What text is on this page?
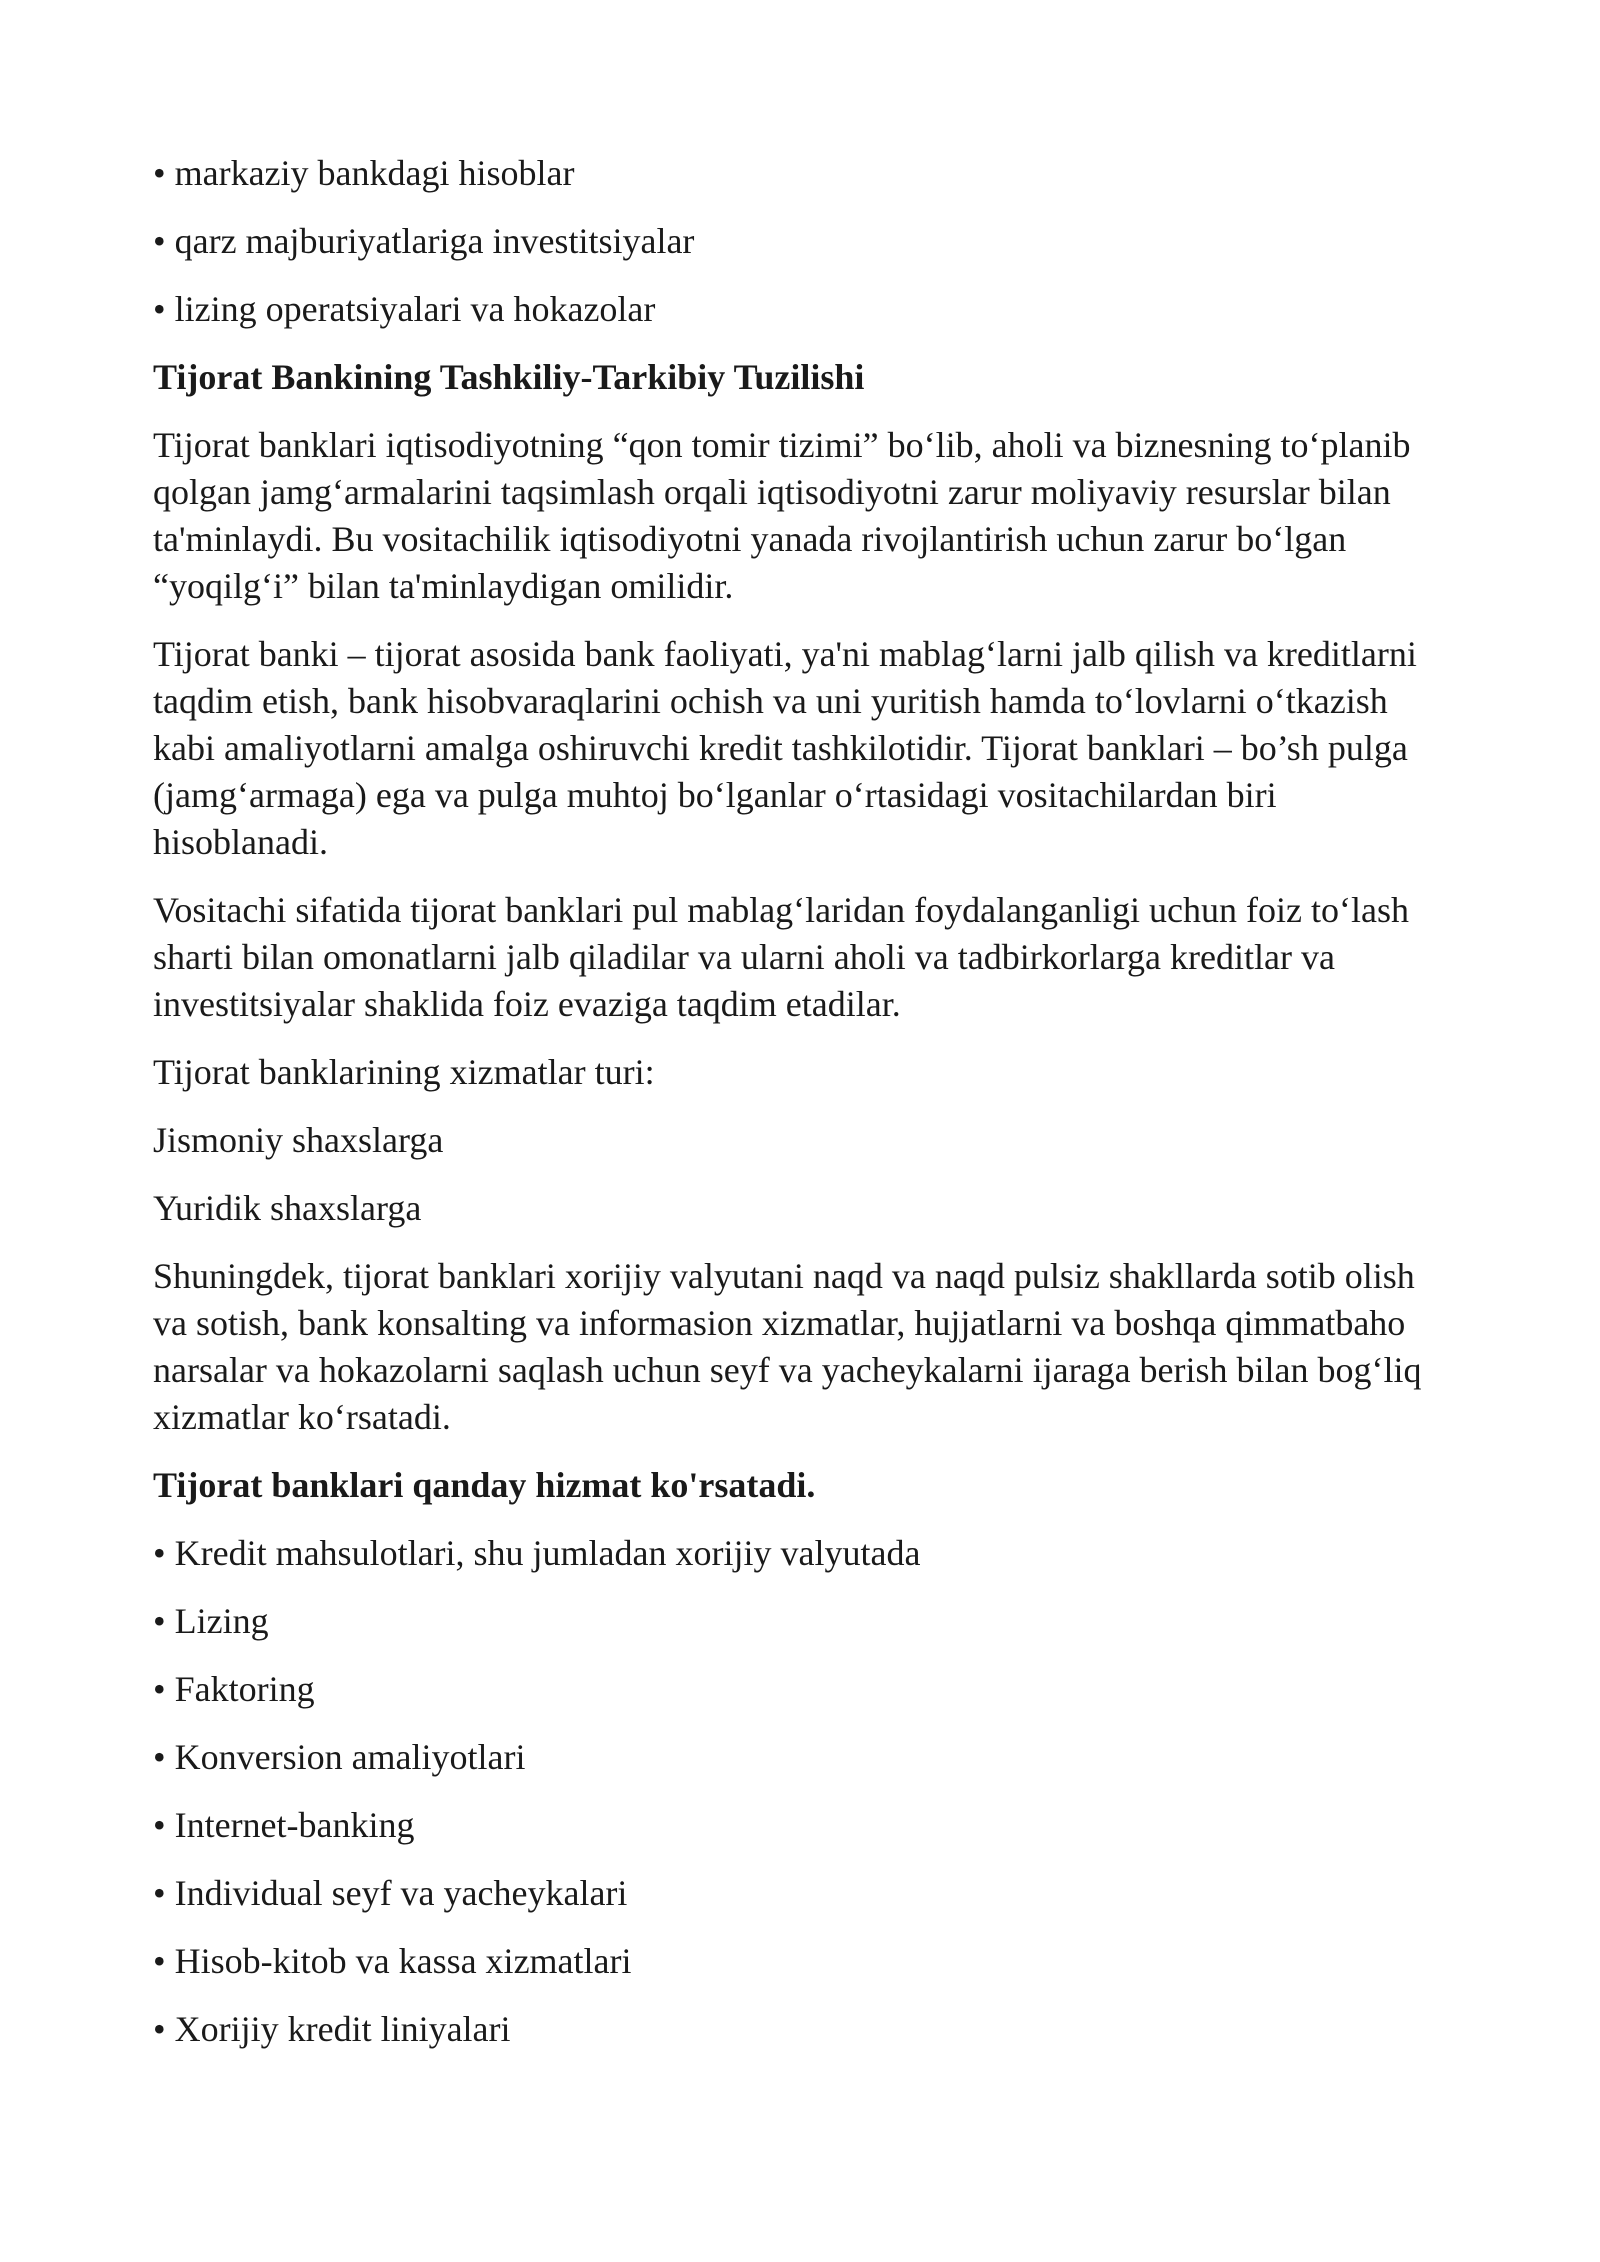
• markaziy bankdagi hisoblar
• qarz majburiyatlariga investitsiyalar
• lizing operatsiyalari va hokazolar
Tijorat Bankining Tashkiliy-Tarkibiy Tuzilishi
Tijorat banklari iqtisodiyotning “qon tomir tizimi” bo‘lib, aholi va biznesning to‘planib
qolgan jamg‘armalarini taqsimlash orqali iqtisodiyotni zarur moliyaviy resurslar bilan
ta'minlaydi. Bu vositachilik iqtisodiyotni yanada rivojlantirish uchun zarur bo‘lgan
“yoqilg‘i” bilan ta'minlaydigan omilidir.
Tijorat banki – tijorat asosida bank faoliyati, ya'ni mablag‘larni jalb qilish va kreditlarni
taqdim etish, bank hisobvaraqlarini ochish va uni yuritish hamda to‘lovlarni o‘tkazish
kabi amaliyotlarni amalga oshiruvchi kredit tashkilotidir. Tijorat banklari – bo’sh pulga
(jamg‘armaga) ega va pulga muhtoj bo‘lganlar o‘rtasidagi vositachilardan biri
hisoblanadi.
Vositachi sifatida tijorat banklari pul mablag‘laridan foydalanganligi uchun foiz to‘lash
sharti bilan omonatlarni jalb qiladilar va ularni aholi va tadbirkorlarga kreditlar va
investitsiyalar shaklida foiz evaziga taqdim etadilar.
Tijorat banklarining xizmatlar turi:
Jismoniy shaxslarga
Yuridik shaxslarga
Shuningdek, tijorat banklari xorijiy valyutani naqd va naqd pulsiz shakllarda sotib olish
va sotish, bank konsalting va informasion xizmatlar, hujjatlarni va boshqa qimmatbaho
narsalar va hokazolarni saqlash uchun seyf va yacheykalarni ijaraga berish bilan bog‘liq
xizmatlar ko‘rsatadi.
Tijorat banklari qanday hizmat ko'rsatadi.
• Kredit mahsulotlari, shu jumladan xorijiy valyutada
• Lizing
• Faktoring
• Konversion amaliyotlari
• Internet-banking
• Individual seyf va yacheykalari
• Hisob-kitob va kassa xizmatlari
• Xorijiy kredit liniyalari
